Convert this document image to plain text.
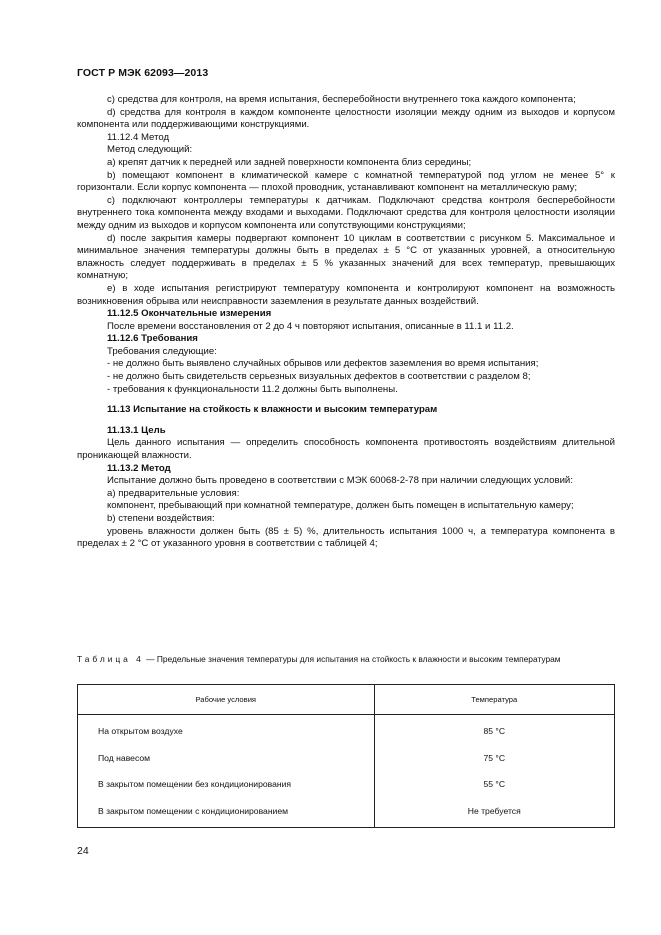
ГОСТ Р МЭК 62093—2013

c) средства для контроля, на время испытания, бесперебойности внутреннего тока каждого компонента;

d) средства для контроля в каждом компоненте целостности изоляции между одним из выходов и корпусом компонента или поддерживающими конструкциями.

11.12.4 Метод

Метод следующий:

a) крепят датчик к передней или задней поверхности компонента близ середины;

b) помещают компонент в климатической камере с комнатной температурой под углом не менее 5° к горизонтали. Если корпус компонента — плохой проводник, устанавливают компонент на металлическую раму;

c) подключают контроллеры температуры к датчикам. Подключают средства контроля бесперебойности внутреннего тока компонента между входами и выходами. Подключают средства для контроля целостности изоляции между одним из выходов и корпусом компонента или сопутствующими конструкциями;

d) после закрытия камеры подвергают компонент 10 циклам в соответствии с рисунком 5. Максимальное и минимальное значения температуры должны быть в пределах ± 5 °С от указанных уровней, а относительную влажность следует поддерживать в пределах ± 5 % указанных значений для всех температур, превышающих комнатную;

e) в ходе испытания регистрируют температуру компонента и контролируют компонент на возможность возникновения обрыва или неисправности заземления в результате данных воздействий.

11.12.5 Окончательные измерения

После времени восстановления от 2 до 4 ч повторяют испытания, описанные в 11.1 и 11.2.

11.12.6 Требования

Требования следующие:

- не должно быть выявлено случайных обрывов или дефектов заземления во время испытания;

- не должно быть свидетельств серьезных визуальных дефектов в соответствии с разделом 8;

- требования к функциональности 11.2 должны быть выполнены.

11.13 Испытание на стойкость к влажности и высоким температурам

11.13.1 Цель

Цель данного испытания — определить способность компонента противостоять воздействиям длительной проникающей влажности.

11.13.2 Метод

Испытание должно быть проведено в соответствии с МЭК 60068-2-78 при наличии следующих условий:

a) предварительные условия:

компонент, пребывающий при комнатной температуре, должен быть помещен в испытательную камеру;

b) степени воздействия:

уровень влажности должен быть (85 ± 5) %, длительность испытания 1000 ч, а температура компонента в пределах ± 2 °С от указанного уровня в соответствии с таблицей 4;

Таблица 4 — Предельные значения температуры для испытания на стойкость к влажности и высоким температурам
Рабочие условия	Температура
На открытом воздухе	85 °С
Под навесом	75 °С
В закрытом помещении без кондиционирования	55 °С
В закрытом помещении с кондиционированием	Не требуется
24
